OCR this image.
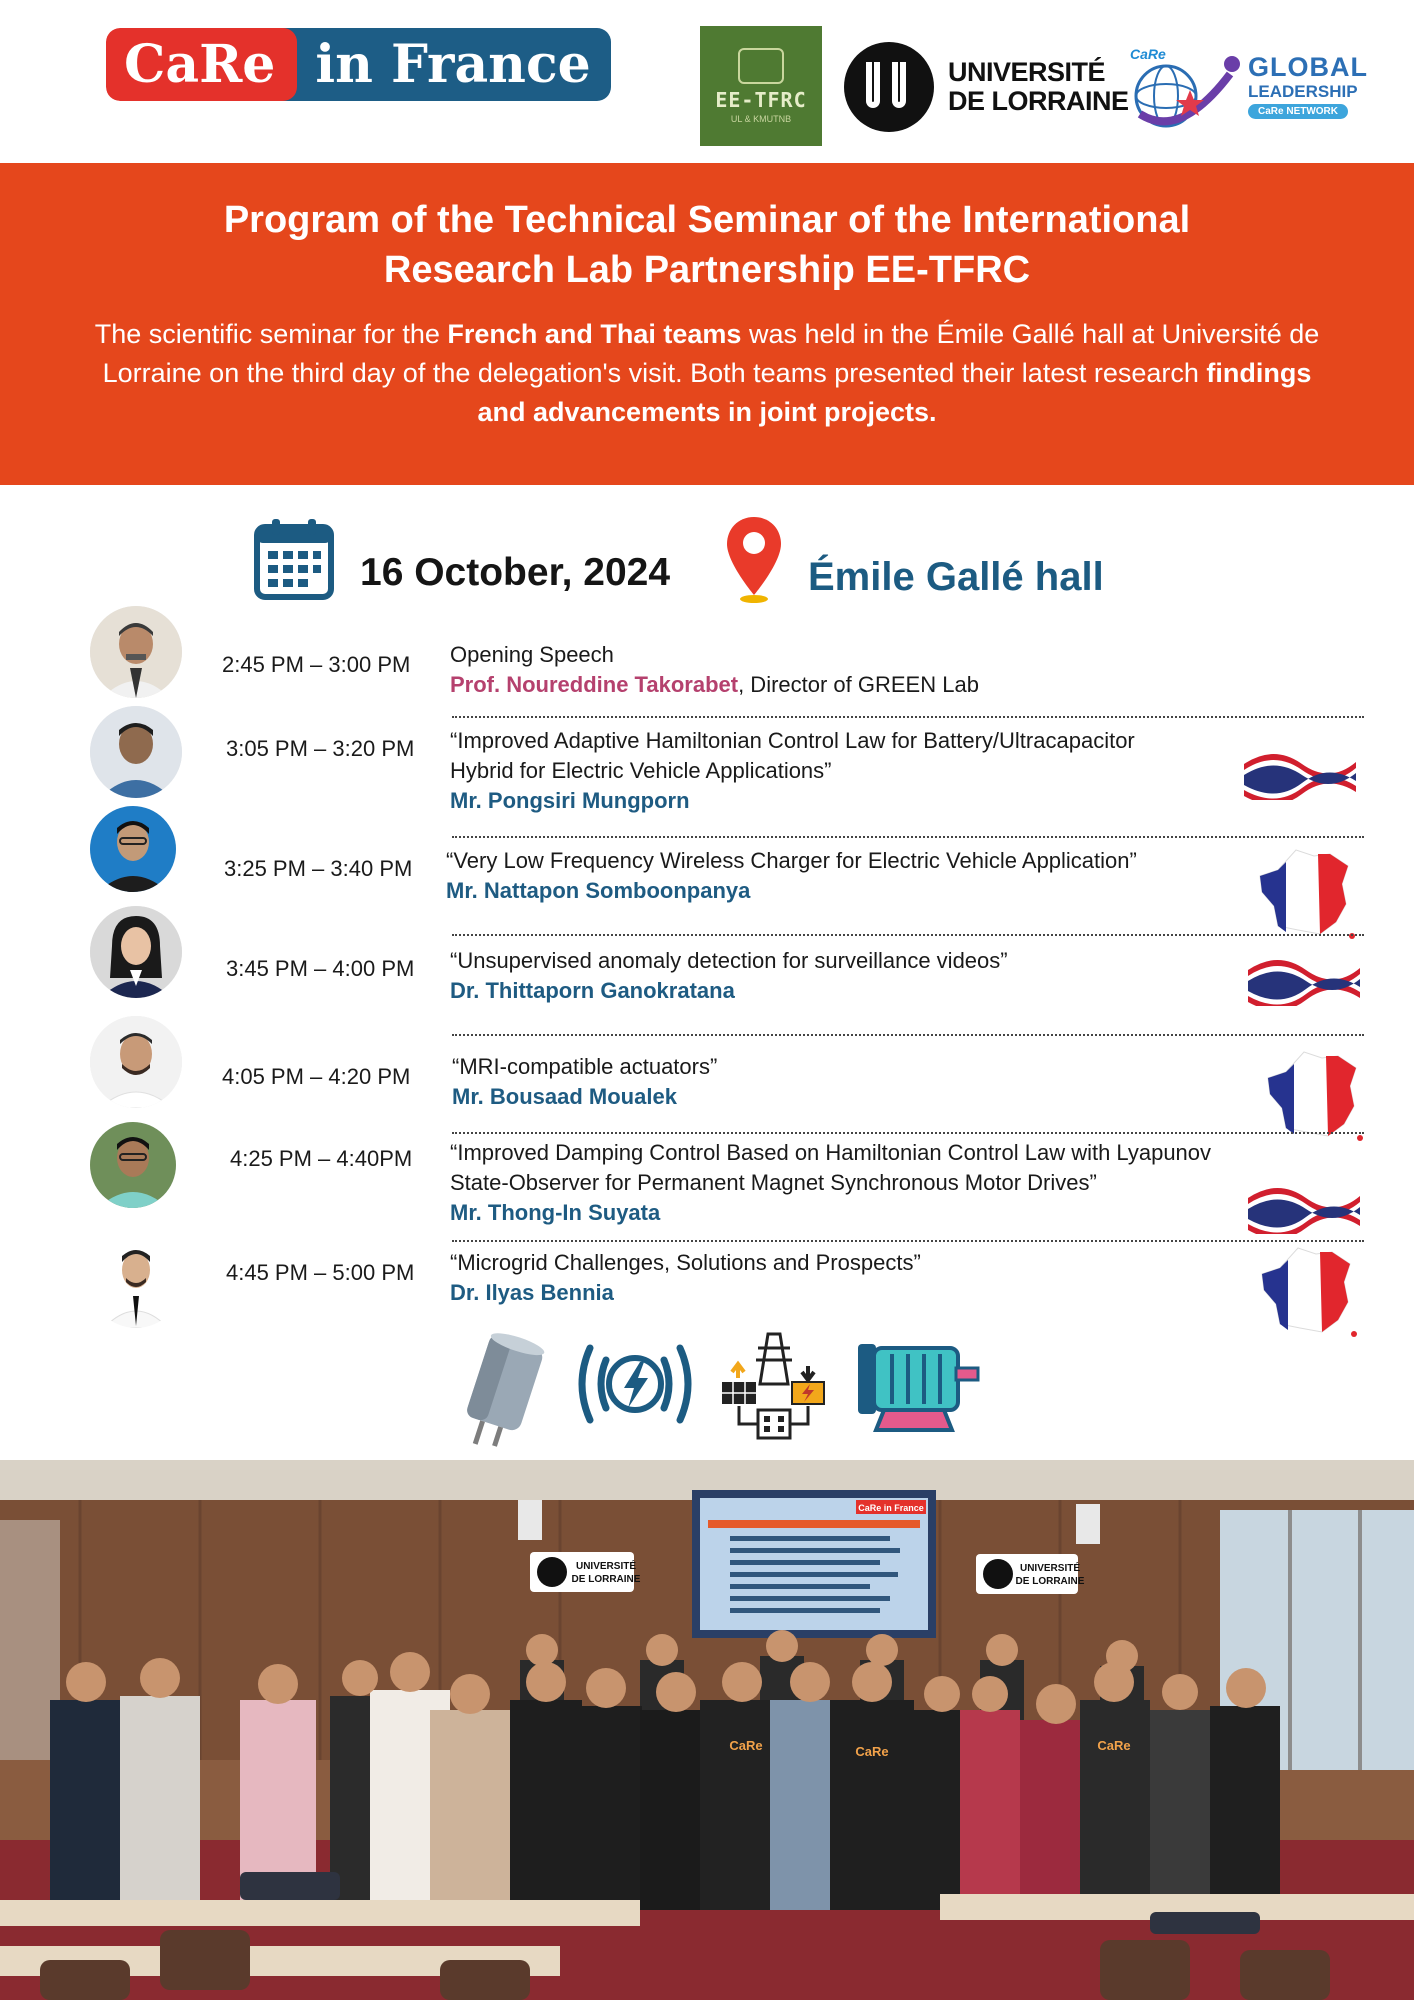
CaRe in France
EE-TFRC
UL & KMUTNB
UNIVERSITÉ
DE LORRAINE
CaRe	GLOBAL
LEADERSHIP
CaRe NETWORK
Program of the Technical Seminar of the International
Research Lab Partnership EE-TFRC
The scientific seminar for the French and Thai teams was held in the Émile Gallé hall at Université de Lorraine on the third day of the delegation's visit. Both teams presented their latest research findings and advancements in joint projects.
16 October, 2024	Émile Gallé hall
2:45 PM – 3:00 PM Opening Speech
Prof. Noureddine Takorabet, Director of GREEN Lab
3:05 PM – 3:20 PM “Improved Adaptive Hamiltonian Control Law for Battery/Ultracapacitor
Hybrid for Electric Vehicle Applications”
Mr. Pongsiri Mungporn
3:25 PM – 3:40 PM “Very Low Frequency Wireless Charger for Electric Vehicle Application”
Mr. Nattapon Somboonpanya
3:45 PM – 4:00 PM “Unsupervised anomaly detection for surveillance videos”
Dr. Thittaporn Ganokratana
4:05 PM – 4:20 PM “MRI-compatible actuators”
Mr. Bousaad Moualek
4:25 PM – 4:40PM “Improved Damping Control Based on Hamiltonian Control Law with Lyapunov
State-Observer for Permanent Magnet Synchronous Motor Drives”
Mr. Thong-In Suyata
4:45 PM – 5:00 PM “Microgrid Challenges, Solutions and Prospects”
Dr. Ilyas Bennia
CaRe in France
UNIVERSITÉ
DE LORRAINE
UNIVERSITÉ
DE LORRAINE
CaRe	CaRe	CaRe
